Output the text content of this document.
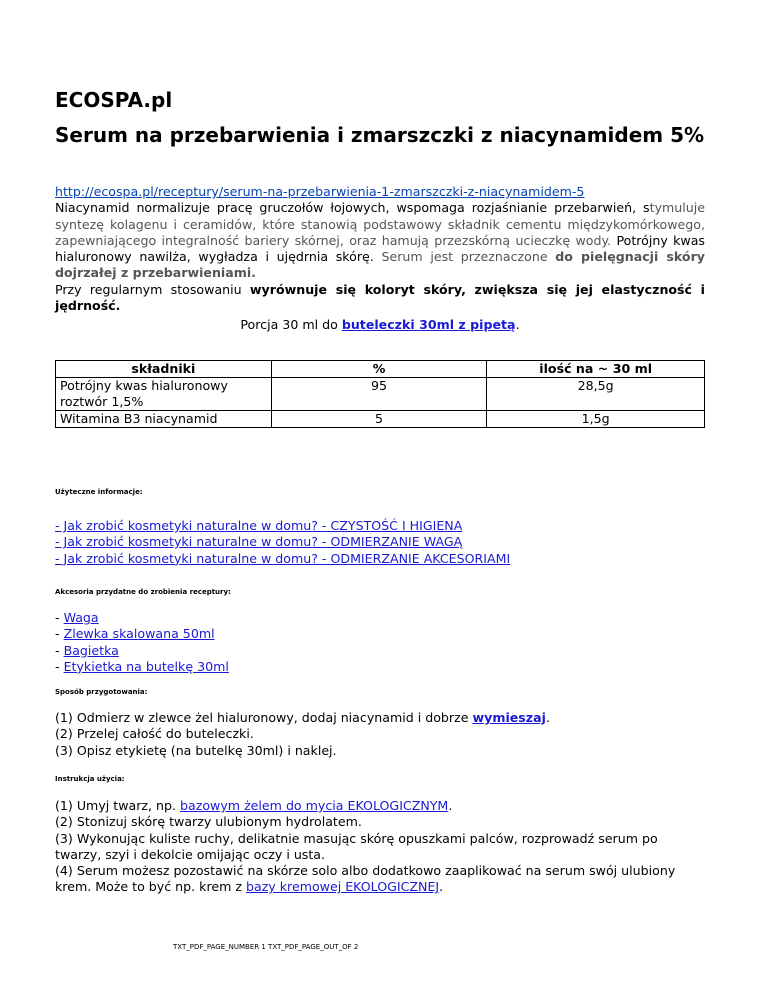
ECOSPA.pl
Serum na przebarwienia i zmarszczki z niacynamidem 5%
http://ecospa.pl/receptury/serum-na-przebarwienia-1-zmarszczki-z-niacynamidem-5
Niacynamid normalizuje pracę gruczołów łojowych, wspomaga rozjaśnianie przebarwień, stymuluje
syntezę kolagenu i ceramidów, które stanowią podstawowy składnik cementu międzykomórkowego,
zapewniającego integralność bariery skórnej, oraz hamują przezskórną ucieczkę wody. Potrójny kwas
hialuronowy nawilża, wygładza i ujędrnia skórę. Serum jest przeznaczone do pielęgnacji skóry
dojrzałej z przebarwieniami.
Przy regularnym stosowaniu wyrównuje się koloryt skóry, zwiększa się jej elastyczność i
jędrność.
Porcja 30 ml do buteleczki 30ml z pipetą.
składniki	%	ilość na ~ 30 ml
Potrójny kwas hialuronowy roztwór 1,5%	95	28,5g
Witamina B3 niacynamid	5	1,5g
Użyteczne informacje:
- Jak zrobić kosmetyki naturalne w domu? - CZYSTOŚĆ I HIGIENA
- Jak zrobić kosmetyki naturalne w domu? - ODMIERZANIE WAGĄ
- Jak zrobić kosmetyki naturalne w domu? - ODMIERZANIE AKCESORIAMI
Akcesoria przydatne do zrobienia receptury:
- Waga
- Zlewka skalowana 50ml
- Bagietka
- Etykietka na butelkę 30ml
Sposób przygotowania:
(1) Odmierz w zlewce żel hialuronowy, dodaj niacynamid i dobrze wymieszaj.
(2) Przelej całość do buteleczki.
(3) Opisz etykietę (na butelkę 30ml) i naklej.
Instrukcja użycia:
(1) Umyj twarz, np. bazowym żelem do mycia EKOLOGICZNYM.
(2) Stonizuj skórę twarzy ulubionym hydrolatem.
(3) Wykonując kuliste ruchy, delikatnie masując skórę opuszkami palców, rozprowadź serum po
twarzy, szyi i dekolcie omijając oczy i usta.
(4) Serum możesz pozostawić na skórze solo albo dodatkowo zaaplikować na serum swój ulubiony
krem. Może to być np. krem z bazy kremowej EKOLOGICZNEJ.
TXT_PDF_PAGE_NUMBER 1 TXT_PDF_PAGE_OUT_OF 2
